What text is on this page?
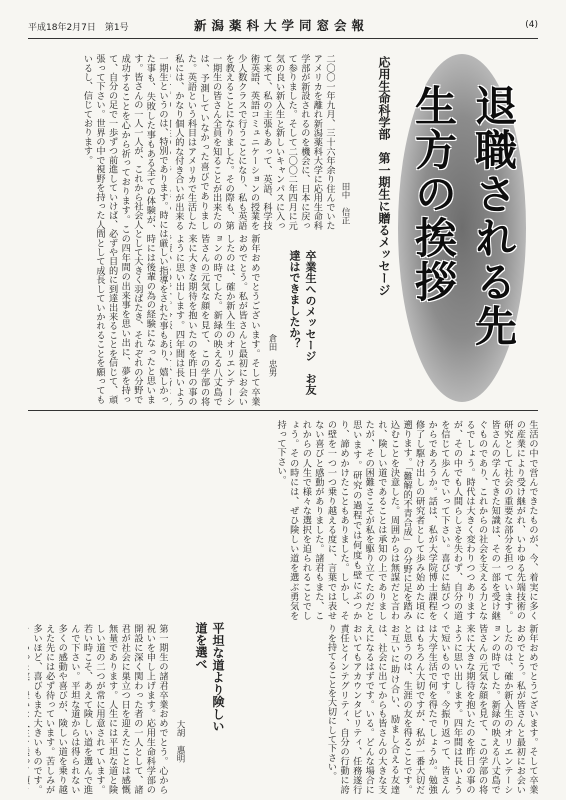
平成18年2月7日　第1号	新潟薬科大学同窓会報	(4)
退職される先生方の挨拶
応用生命科学部　第一期生に贈るメッセージ
田中　信正
二〇〇一年九月、三十六年余り住んでいたアメリカを離れ新潟薬科大学に応用生命科学部が新設されるのを機会に、日本に戻って参りました。そして二〇〇二年四月に元気の良い新入生と新しいキャンパスに入って来て、私の主張もあって、英語、科学技術英語、英語コミュニケーションの授業を少人数クラスで行うことになり、私も英語を教えることになりました。その際も、第一期生の皆さん全員を知ることが出来たのは、予測していなかった喜びでありました。英語という科目はアメリカで生活した私には、かなり個人的な付き合いが出来る
一期生というのは、特別であります。時には厳しい指導をされた事もあり、嬉しかった事も、失敗した事もある全ての体験が、時には後輩の為の経験になったと思います。皆さんの一人一人が、これから社会人として大きく羽ばたき、それぞれの分野で成功することを心から祈っております。この四年間の出来事を思い出に、夢を持って、自分の足で一歩ずつ前進していけば、必ずや目的に到達出来ることを信じて、頑張って下さい。世界の中で視野を持った人間として成長していかれることを願ってもいるし、信じております。
卒業生へのメッセージ　お友達はできましたか？
倉田　忠男
新年おめでとうございます。そして卒業おめでとう。私が皆さんと最初にお会いしたのは、確か新入生のオリエンテーションの時でした。新緑の映える八丈島で皆さんの元気な顔を見て、この学部の将来に大きな期待を抱いたのを昨日の事のように思い出します。四年間は長いよう
生活の中で営んできたものが、今、着実に多くの産業により受け継がれ、いわゆる先端技術の研究として社会の重要な部分を担っています。皆さんの学んできた知識は、その一部を受け継ぐものであり、これからの社会を支える力となるでしょう。時代は大きく変わりつつありますが、その中でも人間らしさを失わず、自分の道を信じて歩んでいって下さい。喜びに結びつくからであろうか。話は、私が大学院博士課程を修了し駆け出しの研究者として歩み始めた頃に遡ります。「難解的不青合成」の分野に足を踏み込むことを決意した。周囲からは無謀だと言われ、険しい道であることは承知の上でありましたが、その困難さこそが私を駆り立てたのだと思います。研究の過程では何度も壁にぶつかり、諦めかけたこともありました。しかし、その壁を一つ一つ乗り越える度に、言葉では表せない喜びと感動がありました。諸君もまた、これからの人生で様々な選択を迫られることでしょう。その時には、ぜひ険しい道を選ぶ勇気を持って下さい。
平坦な道より険しい道を選べ
大胡　惠明
第一期生の諸君卒業おめでとう。心から祝いを申し上げます。応用生命科学部の開設に深く関わった者の一人として、諸君が社会に巣立つ日を迎えたことは感慨無量であります。人生には平坦な道と険しい道の二つが常に用意されています。若い時こそ、あえて険しい道を選んで進んで下さい。平坦な道からは得られない多くの感動や喜びが、険しい道を乗り越えた先には必ず待っています。苦しみが多いほど、喜びもまた大きいものです。	新年おめでとうございます。そして卒業おめでとう。私が皆さんと最初にお会いしたのは、確か新入生のオリエンテーションの時でした。新緑の映える八丈島で皆さんの元気な顔を見て、この学部の将来に大きな期待を抱いたのを昨日の事のように思い出します。四年間は長いようで短いものです。今振り返って、皆さんは大学生活で何を得たでしょうか。勉強はもちろん大切ですが、私が一番大切だと思うのは、生涯の友を得ることです。お互いに助け合い、励まし合える友達は、社会に出てからも皆さんの大きな支えになるはずです。いる。どんな場合においてもアカウンタビリティ、任務遂行責任とインテグリティ、自分の行動に誇りを持てることを大切にして下さい。
